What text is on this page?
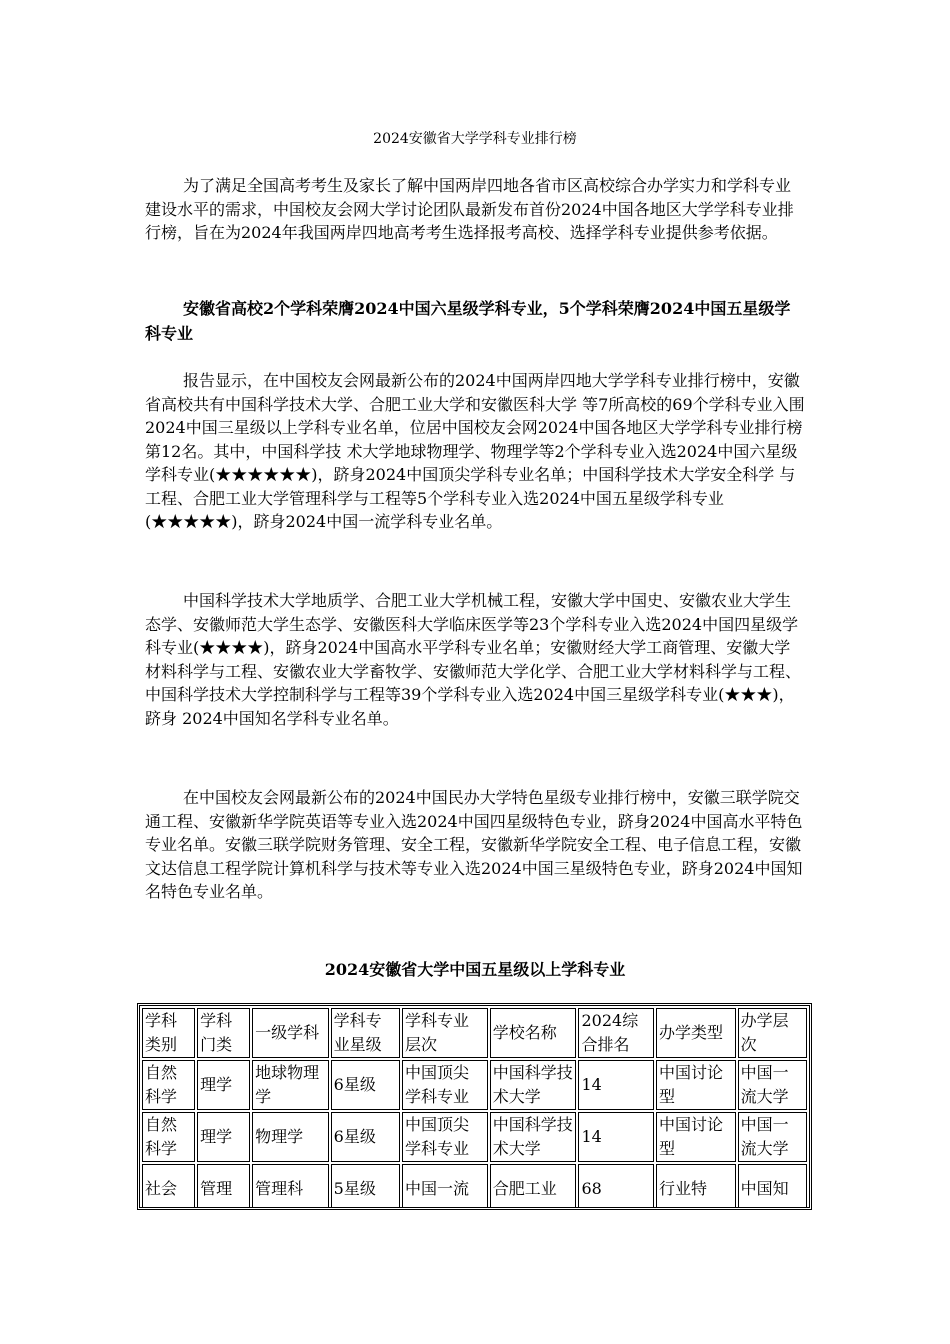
2024安徽省大学学科专业排行榜

为了满足全国高考考生及家长了解中国两岸四地各省市区高校综合办学实力和学科专业建设水平的需求，中国校友会网大学讨论团队最新发布首份2024中国各地区大学学科专业排行榜，旨在为2024年我国两岸四地高考考生选择报考高校、选择学科专业提供参考依据。

安徽省高校2个学科荣膺2024中国六星级学科专业，5个学科荣膺2024中国五星级学科专业

报告显示，在中国校友会网最新公布的2024中国两岸四地大学学科专业排行榜中，安徽省高校共有中国科学技术大学、合肥工业大学和安徽医科大学 等7所高校的69个学科专业入围2024中国三星级以上学科专业名单，位居中国校友会网2024中国各地区大学学科专业排行榜第12名。其中，中国科学技 术大学地球物理学、物理学等2个学科专业入选2024中国六星级学科专业(★★★★★★)，跻身2024中国顶尖学科专业名单；中国科学技术大学安全科学 与工程、合肥工业大学管理科学与工程等5个学科专业入选2024中国五星级学科专业(★★★★★)，跻身2024中国一流学科专业名单。

中国科学技术大学地质学、合肥工业大学机械工程，安徽大学中国史、安徽农业大学生态学、安徽师范大学生态学、安徽医科大学临床医学等23个学科专业入选2024中国四星级学科专业(★★★★)，跻身2024中国高水平学科专业名单；安徽财经大学工商管理、安徽大学材料科学与工程、安徽农业大学畜牧学、安徽师范大学化学、合肥工业大学材料科学与工程、中国科学技术大学控制科学与工程等39个学科专业入选2024中国三星级学科专业(★★★)，跻身 2024中国知名学科专业名单。

在中国校友会网最新公布的2024中国民办大学特色星级专业排行榜中，安徽三联学院交通工程、安徽新华学院英语等专业入选2024中国四星级特色专业，跻身2024中国高水平特色专业名单。安徽三联学院财务管理、安全工程，安徽新华学院安全工程、电子信息工程，安徽文达信息工程学院计算机科学与技术等专业入选2024中国三星级特色专业，跻身2024中国知名特色专业名单。

2024安徽省大学中国五星级以上学科专业
学科类别	学科门类	一级学科	学科专业星级	学科专业层次	学校名称	2024综合排名	办学类型	办学层次
自然科学	理学	地球物理学	6星级	中国顶尖学科专业	中国科学技术大学	14	中国讨论型	中国一流大学
自然科学	理学	物理学	6星级	中国顶尖学科专业	中国科学技术大学	14	中国讨论型	中国一流大学
社会	管理	管理科	5星级	中国一流	合肥工业	68	行业特	中国知
